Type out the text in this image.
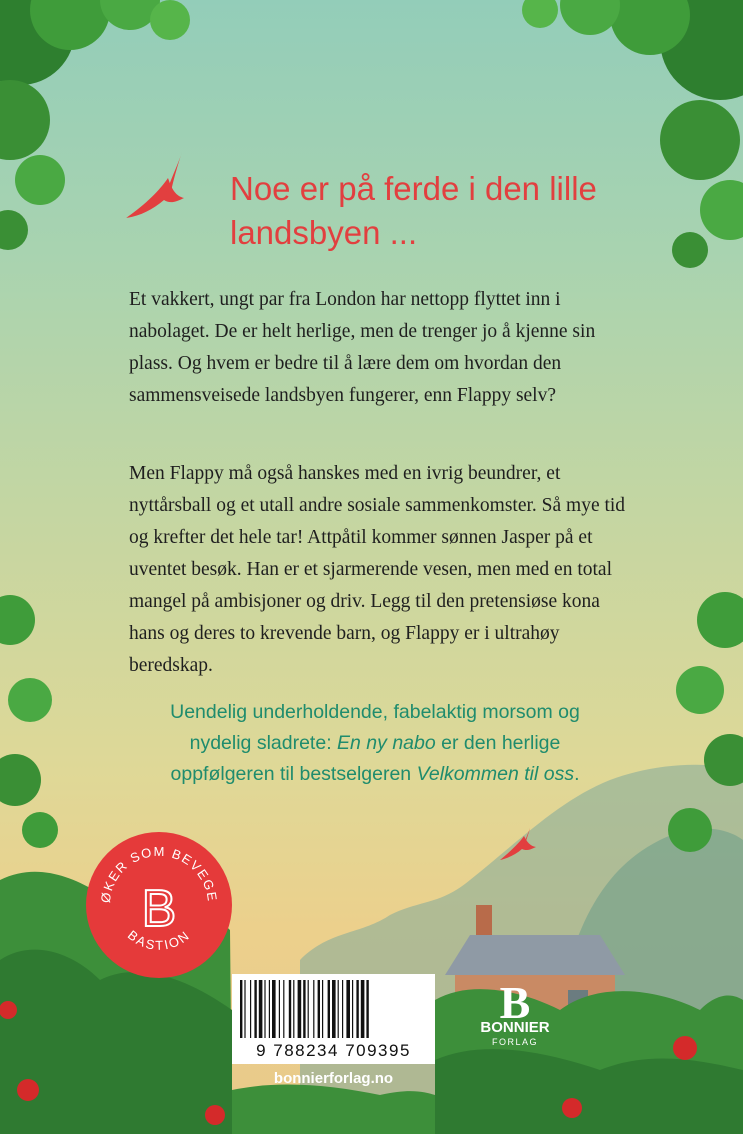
Noe er på ferde i den lille landsbyen ...

Et vakkert, ungt par fra London har nettopp flyttet inn i nabolaget. De er helt herlige, men de trenger jo å kjenne sin plass. Og hvem er bedre til å lære dem om hvordan den sammensveisede landsbyen fungerer, enn Flappy selv?

Men Flappy må også hanskes med en ivrig beundrer, et nyttårsball og et utall andre sosiale sammenkomster. Så mye tid og krefter det hele tar! Attpåtil kommer sønnen Jasper på et uventet besøk. Han er et sjarmerende vesen, men med en total mangel på ambisjoner og driv. Legg til den pretensiøse kona hans og deres to krevende barn, og Flappy er i ultrahøy beredskap.

Uendelig underholdende, fabelaktig morsom og nydelig sladrete: En ny nabo er den herlige oppfølgeren til bestselgeren Velkommen til oss.

ØKER SOM BEVEGE
BASTION
B
9 788234 709395
B

BONNIER

FORLAG

bonnierforlag.no
